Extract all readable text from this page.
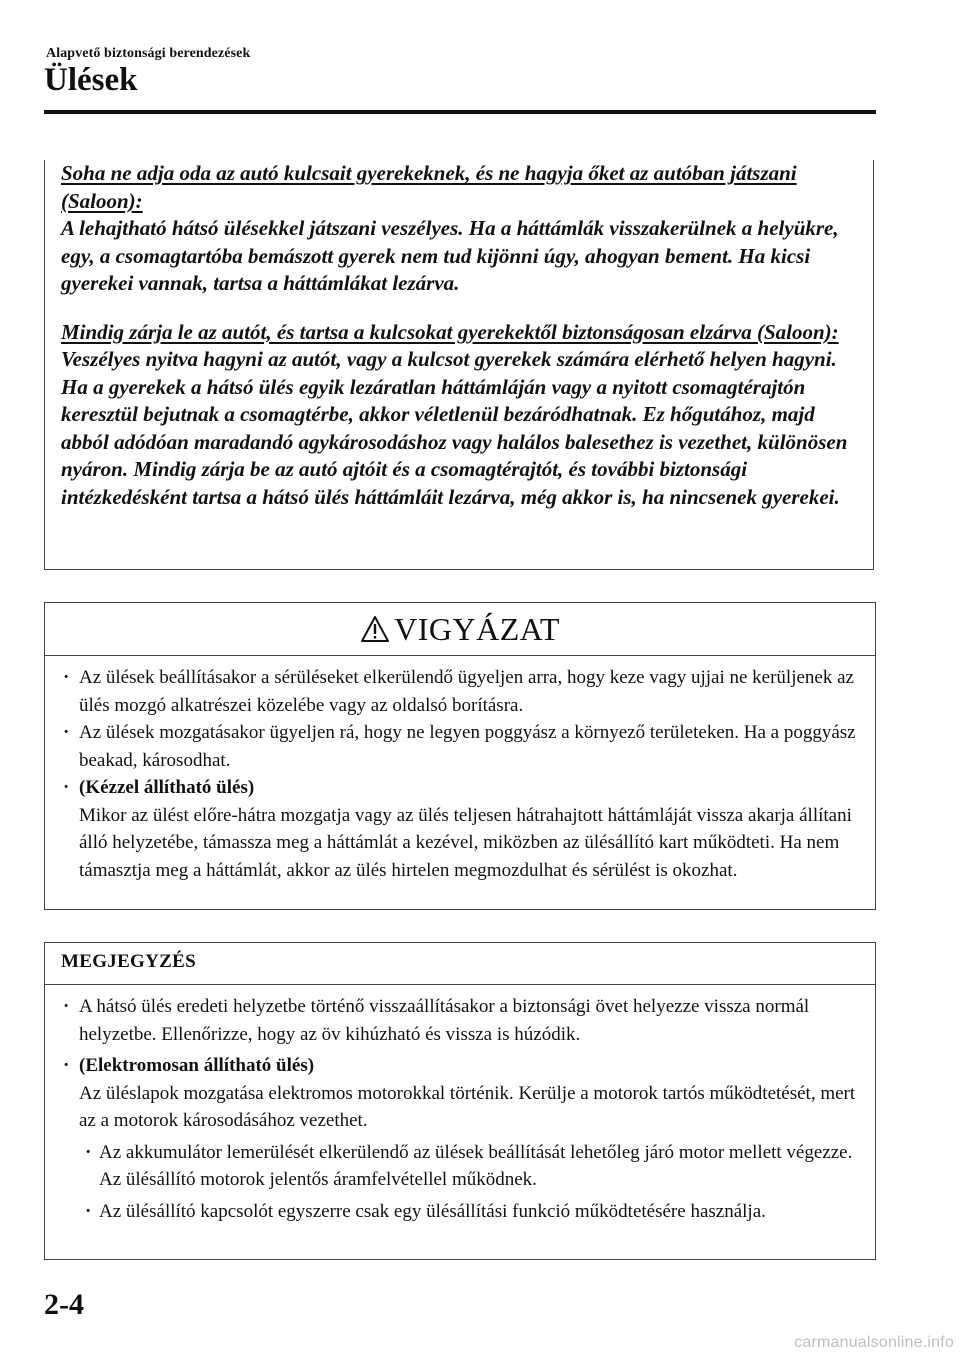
Alapvető biztonsági berendezések
Ülések
Soha ne adja oda az autó kulcsait gyerekeknek, és ne hagyja őket az autóban játszani (Saloon):
A lehajtható hátsó ülésekkel játszani veszélyes. Ha a háttámlák visszakerülnek a helyükre, egy, a csomagtartóba bemászott gyerek nem tud kijönni úgy, ahogyan bement. Ha kicsi gyerekei vannak, tartsa a háttámlákat lezárva.
Mindig zárja le az autót, és tartsa a kulcsokat gyerekektől biztonságosan elzárva (Saloon):
Veszélyes nyitva hagyni az autót, vagy a kulcsot gyerekek számára elérhető helyen hagyni. Ha a gyerekek a hátsó ülés egyik lezáratlan háttámláján vagy a nyitott csomagtérajtón keresztül bejutnak a csomagtérbe, akkor véletlenül bezáródhatnak. Ez hőgutához, majd abból adódóan maradandó agykárosodáshoz vagy halálos balesethez is vezethet, különösen nyáron. Mindig zárja be az autó ajtóit és a csomagtérajtót, és további biztonsági intézkedésként tartsa a hátsó ülés háttámláit lezárva, még akkor is, ha nincsenek gyerekei.
VIGYÁZAT
· Az ülések beállításakor a sérüléseket elkerülendő ügyeljen arra, hogy keze vagy ujjai ne kerüljenek az ülés mozgó alkatrészei közelébe vagy az oldalsó borításra.
· Az ülések mozgatásakor ügyeljen rá, hogy ne legyen poggyász a környező területeken. Ha a poggyász beakad, károsodhat.
· (Kézzel állítható ülés)
Mikor az ülést előre-hátra mozgatja vagy az ülés teljesen hátrahajtott háttámláját vissza akarja állítani álló helyzetébe, támassza meg a háttámlát a kezével, miközben az ülésállító kart működteti. Ha nem támasztja meg a háttámlát, akkor az ülés hirtelen megmozdulhat és sérülést is okozhat.
MEGJEGYZÉS
· A hátsó ülés eredeti helyzetbe történő visszaállításakor a biztonsági övet helyezze vissza normál helyzetbe. Ellenőrizze, hogy az öv kihúzható és vissza is húzódik.
· (Elektromosan állítható ülés)
Az üléslapok mozgatása elektromos motorokkal történik. Kerülje a motorok tartós működtetését, mert az a motorok károsodásához vezethet.
· Az akkumulátor lemerülését elkerülendő az ülések beállítását lehetőleg járó motor mellett végezze. Az ülésállító motorok jelentős áramfelvétellel működnek.
· Az ülésállító kapcsolót egyszerre csak egy ülésállítási funkció működtetésére használja.
2-4
carmanualsonline.info
